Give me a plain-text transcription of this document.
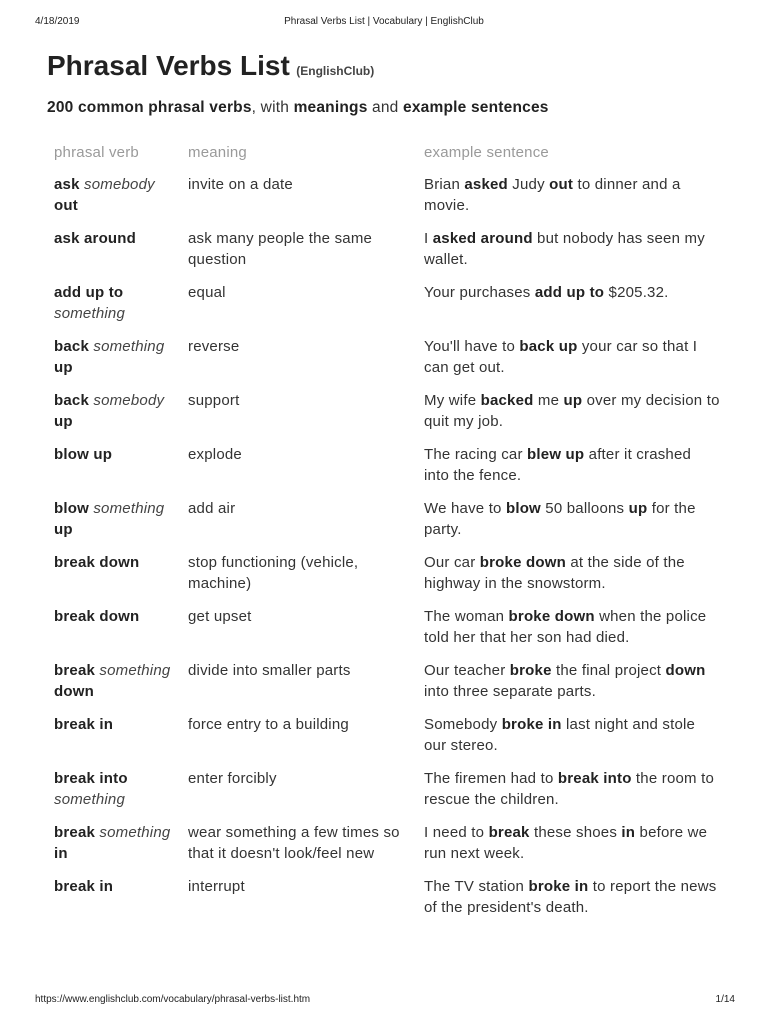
4/18/2019	Phrasal Verbs List | Vocabulary | EnglishClub
Phrasal Verbs List (EnglishClub)
200 common phrasal verbs, with meanings and example sentences
phrasal verb	meaning	example sentence
ask somebody out	invite on a date	Brian asked Judy out to dinner and a movie.
ask around	ask many people the same question	I asked around but nobody has seen my wallet.
add up to something	equal	Your purchases add up to $205.32.
back something up	reverse	You'll have to back up your car so that I can get out.
back somebody up	support	My wife backed me up over my decision to quit my job.
blow up	explode	The racing car blew up after it crashed into the fence.
blow something up	add air	We have to blow 50 balloons up for the party.
break down	stop functioning (vehicle, machine)	Our car broke down at the side of the highway in the snowstorm.
break down	get upset	The woman broke down when the police told her that her son had died.
break something down	divide into smaller parts	Our teacher broke the final project down into three separate parts.
break in	force entry to a building	Somebody broke in last night and stole our stereo.
break into something	enter forcibly	The firemen had to break into the room to rescue the children.
break something in	wear something a few times so that it doesn't look/feel new	I need to break these shoes in before we run next week.
break in	interrupt	The TV station broke in to report the news of the president's death.
https://www.englishclub.com/vocabulary/phrasal-verbs-list.htm	1/14
